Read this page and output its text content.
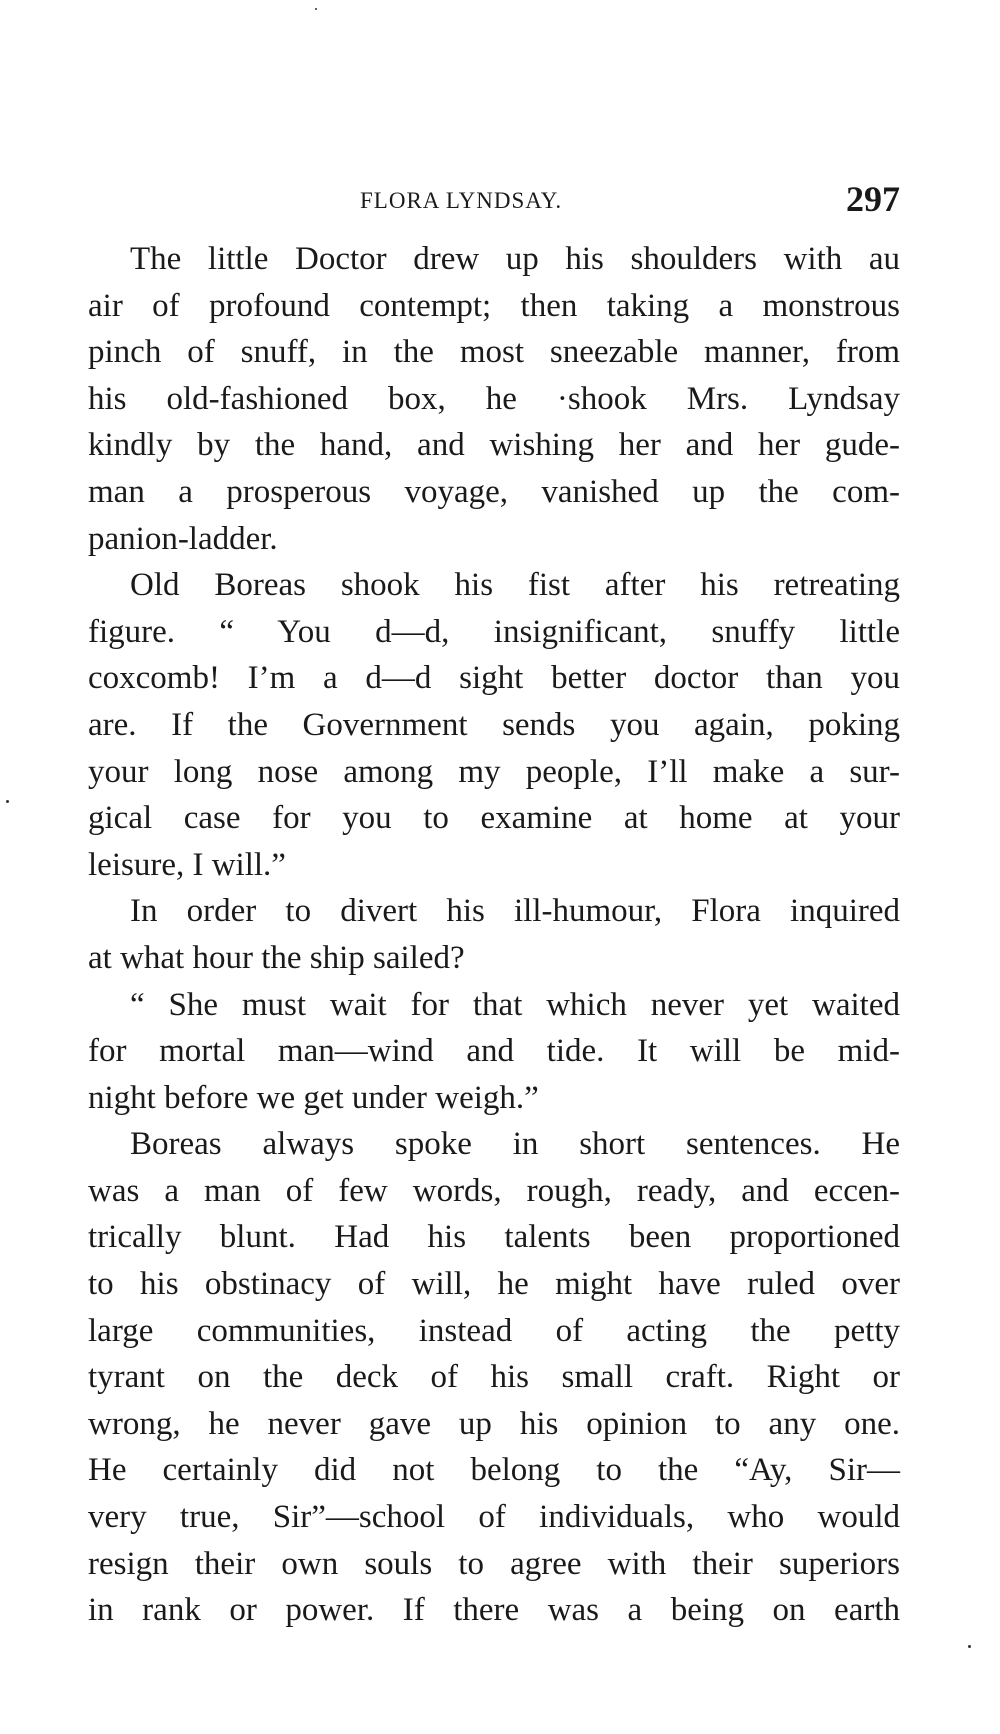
FLORA LYNDSAY.	297
The little Doctor drew up his shoulders with au
air of profound contempt; then taking a monstrous
pinch of snuff, in the most sneezable manner, from
his old-fashioned box, he ·shook Mrs. Lyndsay
kindly by the hand, and wishing her and her gude-
man a prosperous voyage, vanished up the com-
panion-ladder.
Old Boreas shook his fist after his retreating
figure. “ You d—d, insignificant, snuffy little
coxcomb! I’m a d—d sight better doctor than you
are. If the Government sends you again, poking
your long nose among my people, I’ll make a sur-
gical case for you to examine at home at your
leisure, I will.”
In order to divert his ill-humour, Flora inquired
at what hour the ship sailed?
“ She must wait for that which never yet waited
for mortal man—wind and tide. It will be mid-
night before we get under weigh.”
Boreas always spoke in short sentences. He
was a man of few words, rough, ready, and eccen-
trically blunt. Had his talents been proportioned
to his obstinacy of will, he might have ruled over
large communities, instead of acting the petty
tyrant on the deck of his small craft. Right or
wrong, he never gave up his opinion to any one.
He certainly did not belong to the “Ay, Sir—
very true, Sir”—school of individuals, who would
resign their own souls to agree with their superiors
in rank or power. If there was a being on earth
